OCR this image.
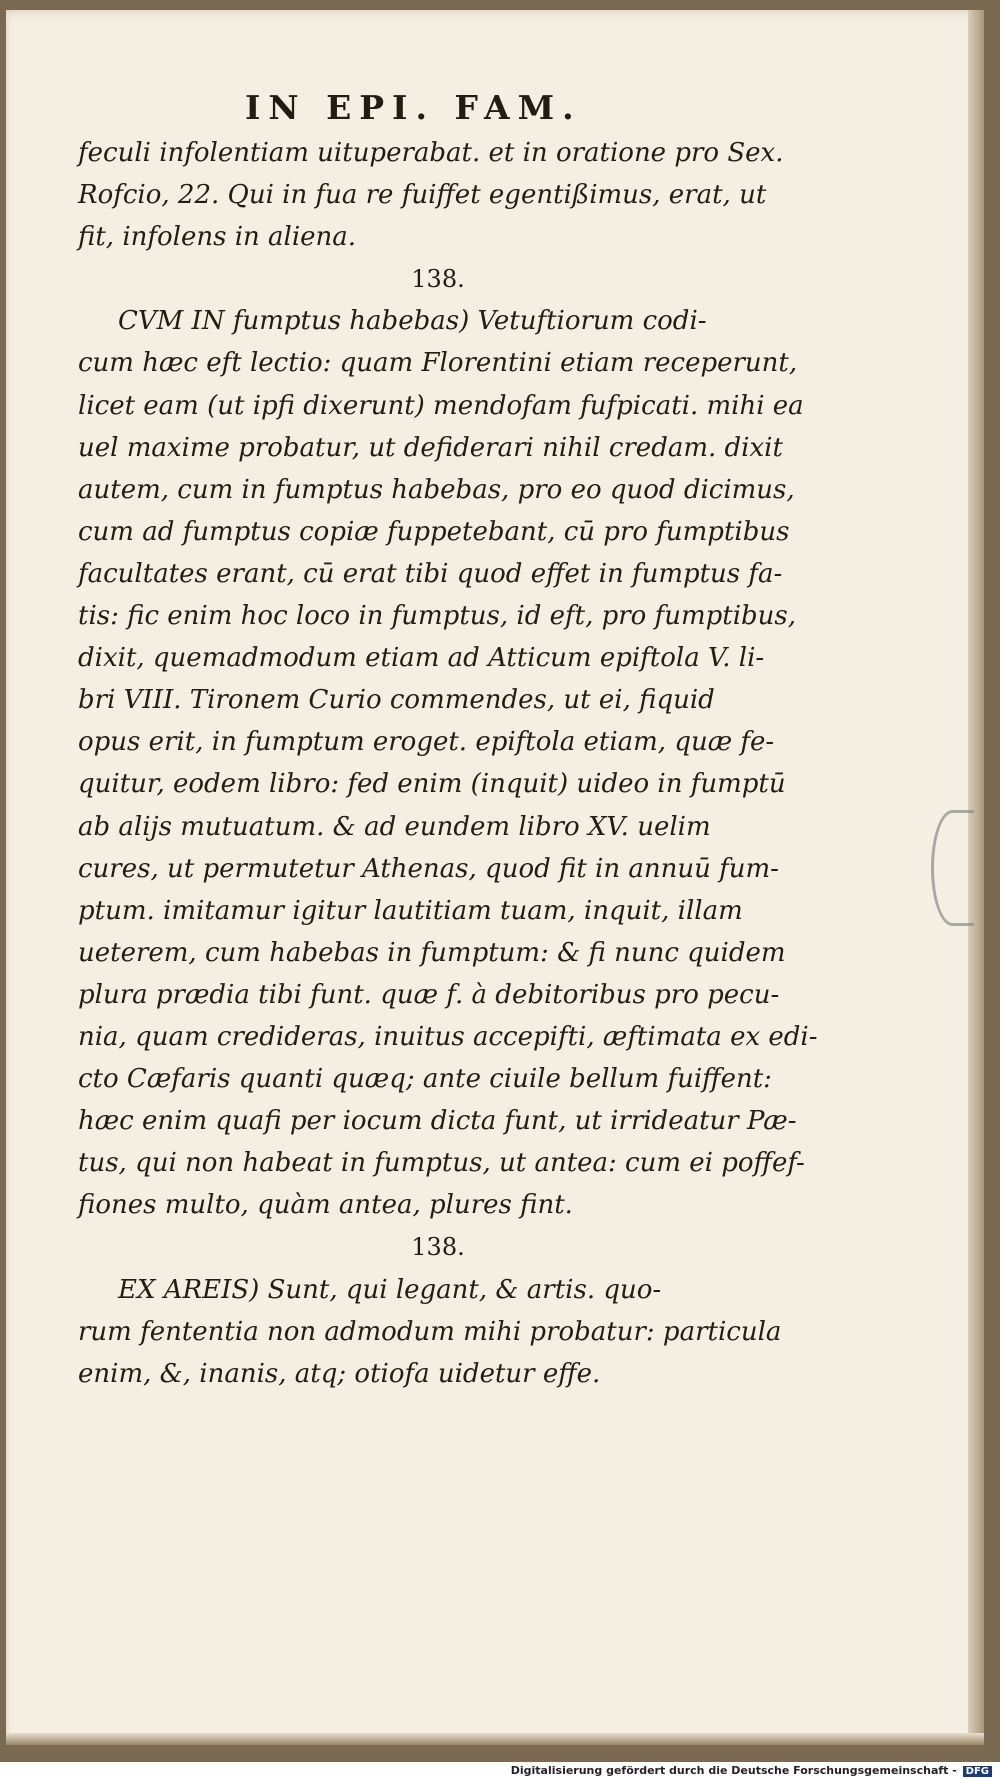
IN EPI. FAM.
feculi infolentiam uituperabat. et in oratione pro Sex.
Rofcio, 22. Qui in fua re fuiffet egentißimus, erat, ut
fit, infolens in aliena.
138.
CVM IN fumptus habebas) Vetuftiorum codi-
cum hæc eft lectio: quam Florentini etiam receperunt,
licet eam (ut ipfi dixerunt) mendofam fufpicati. mihi ea
uel maxime probatur, ut defiderari nihil credam. dixit
autem, cum in fumptus habebas, pro eo quod dicimus,
cum ad fumptus copiæ fuppetebant, cū pro fumptibus
facultates erant, cū erat tibi quod effet in fumptus fa-
tis: fic enim hoc loco in fumptus, id eft, pro fumptibus,
dixit, quemadmodum etiam ad Atticum epiftola V. li-
bri VIII. Tironem Curio commendes, ut ei, fiquid
opus erit, in fumptum eroget. epiftola etiam, quæ fe-
quitur, eodem libro: fed enim (inquit) uideo in fumptū
ab alijs mutuatum. & ad eundem libro XV. uelim
cures, ut permutetur Athenas, quod fit in annuū fum-
ptum. imitamur igitur lautitiam tuam, inquit, illam
ueterem, cum habebas in fumptum: & fi nunc quidem
plura prædia tibi funt. quæ f. à debitoribus pro pecu-
nia, quam credideras, inuitus accepifti, æftimata ex edi-
cto Cæfaris quanti quæq; ante ciuile bellum fuiffent:
hæc enim quafi per iocum dicta funt, ut irrideatur Pæ-
tus, qui non habeat in fumptus, ut antea: cum ei poffef-
fiones multo, quàm antea, plures fint.
138.
EX AREIS) Sunt, qui legant, & artis. quo-
rum fententia non admodum mihi probatur: particula
enim, &, inanis, atq; otiofa uidetur effe.
Digitalisierung gefördert durch die Deutsche Forschungsgemeinschaft - DFG
